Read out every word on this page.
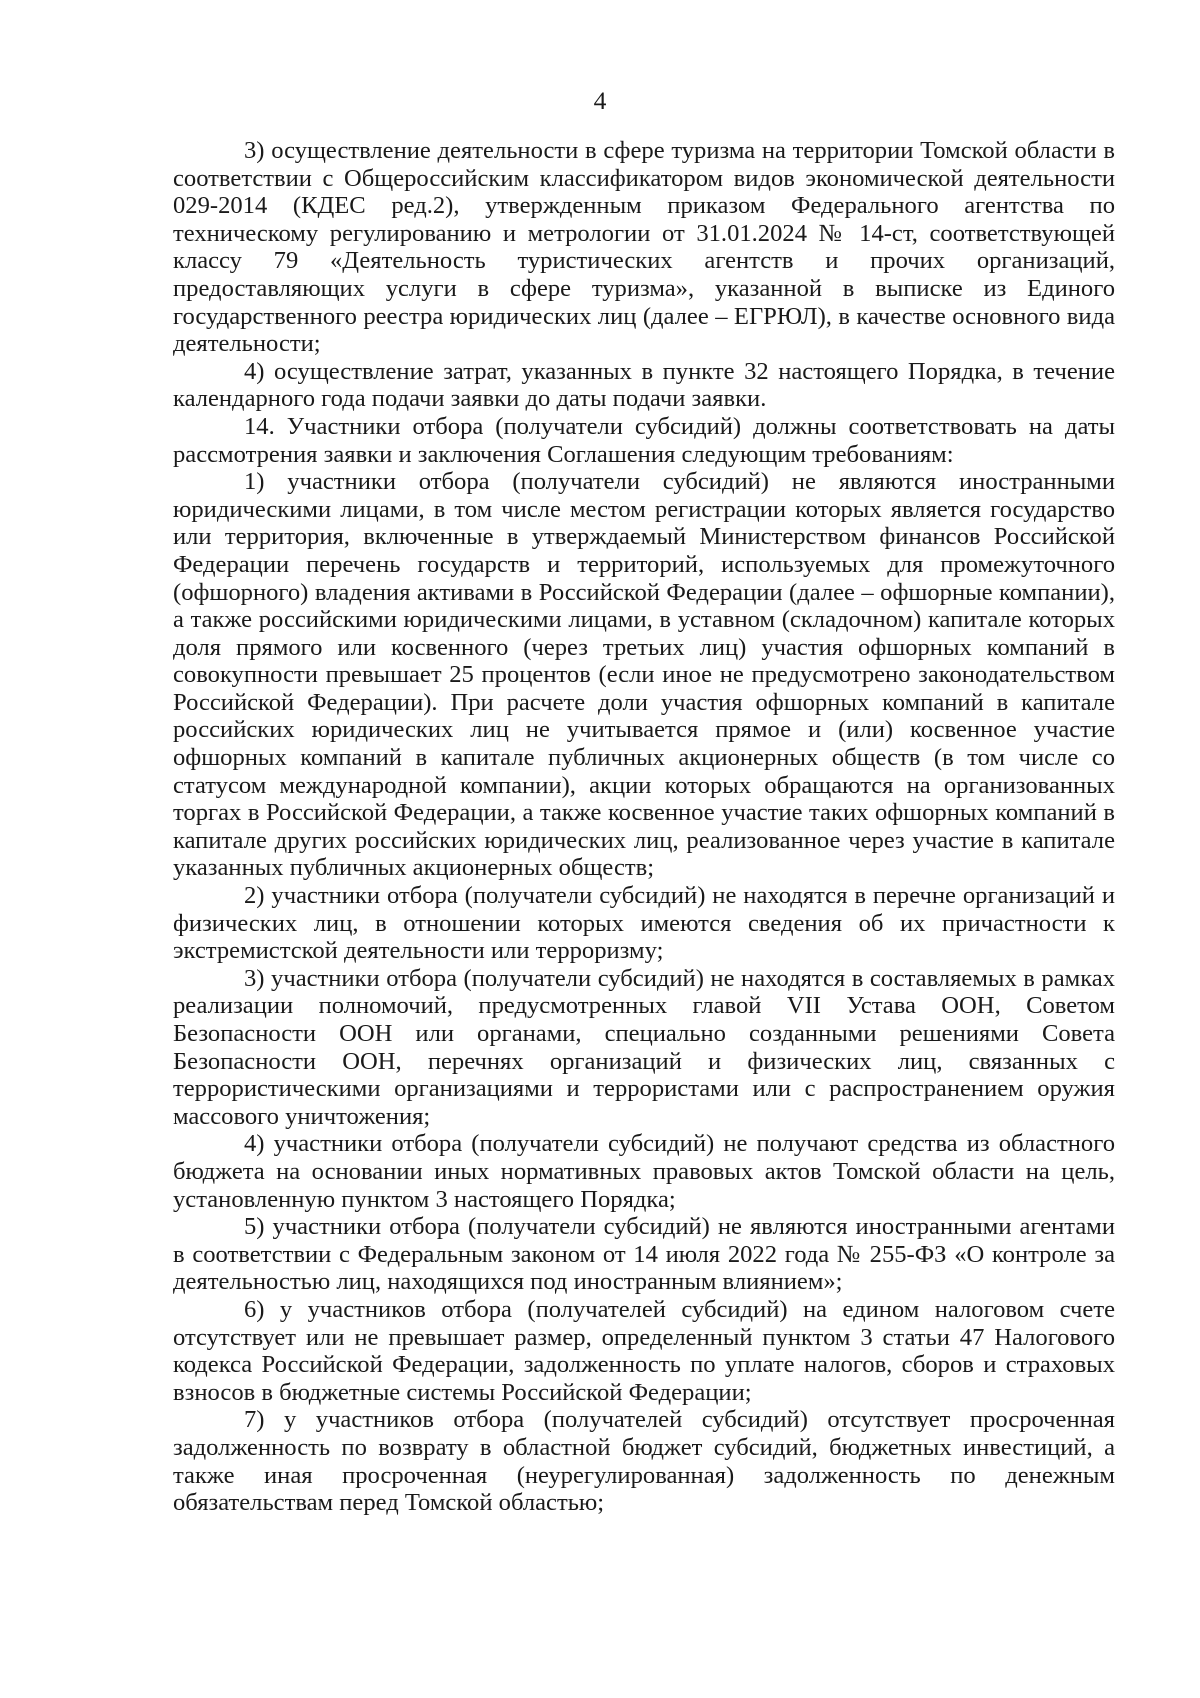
4

3) осуществление деятельности в сфере туризма на территории Томской области в соответствии с Общероссийским классификатором видов экономической деятельности 029-2014 (КДЕС ред.2), утвержденным приказом Федерального агентства по техническому регулированию и метрологии от 31.01.2024 № 14-ст, соответствующей классу 79 «Деятельность туристических агентств и прочих организаций, предоставляющих услуги в сфере туризма», указанной в выписке из Единого государственного реестра юридических лиц (далее – ЕГРЮЛ), в качестве основного вида деятельности;

4) осуществление затрат, указанных в пункте 32 настоящего Порядка, в течение календарного года подачи заявки до даты подачи заявки.

14. Участники отбора (получатели субсидий) должны соответствовать на даты рассмотрения заявки и заключения Соглашения следующим требованиям:

1) участники отбора (получатели субсидий) не являются иностранными юридическими лицами, в том числе местом регистрации которых является государство или территория, включенные в утверждаемый Министерством финансов Российской Федерации перечень государств и территорий, используемых для промежуточного (офшорного) владения активами в Российской Федерации (далее – офшорные компании), а также российскими юридическими лицами, в уставном (складочном) капитале которых доля прямого или косвенного (через третьих лиц) участия офшорных компаний в совокупности превышает 25 процентов (если иное не предусмотрено законодательством Российской Федерации). При расчете доли участия офшорных компаний в капитале российских юридических лиц не учитывается прямое и (или) косвенное участие офшорных компаний в капитале публичных акционерных обществ (в том числе со статусом международной компании), акции которых обращаются на организованных торгах в Российской Федерации, а также косвенное участие таких офшорных компаний в капитале других российских юридических лиц, реализованное через участие в капитале указанных публичных акционерных обществ;

2) участники отбора (получатели субсидий) не находятся в перечне организаций и физических лиц, в отношении которых имеются сведения об их причастности к экстремистской деятельности или терроризму;

3) участники отбора (получатели субсидий) не находятся в составляемых в рамках реализации полномочий, предусмотренных главой VII Устава ООН, Советом Безопасности ООН или органами, специально созданными решениями Совета Безопасности ООН, перечнях организаций и физических лиц, связанных с террористическими организациями и террористами или с распространением оружия массового уничтожения;

4) участники отбора (получатели субсидий) не получают средства из областного бюджета на основании иных нормативных правовых актов Томской области на цель, установленную пунктом 3 настоящего Порядка;

5) участники отбора (получатели субсидий) не являются иностранными агентами в соответствии с Федеральным законом от 14 июля 2022 года № 255-ФЗ «О контроле за деятельностью лиц, находящихся под иностранным влиянием»;

6) у участников отбора (получателей субсидий) на едином налоговом счете отсутствует или не превышает размер, определенный пунктом 3 статьи 47 Налогового кодекса Российской Федерации, задолженность по уплате налогов, сборов и страховых взносов в бюджетные системы Российской Федерации;

7) у участников отбора (получателей субсидий) отсутствует просроченная задолженность по возврату в областной бюджет субсидий, бюджетных инвестиций, а также иная просроченная (неурегулированная) задолженность по денежным обязательствам перед Томской областью;
